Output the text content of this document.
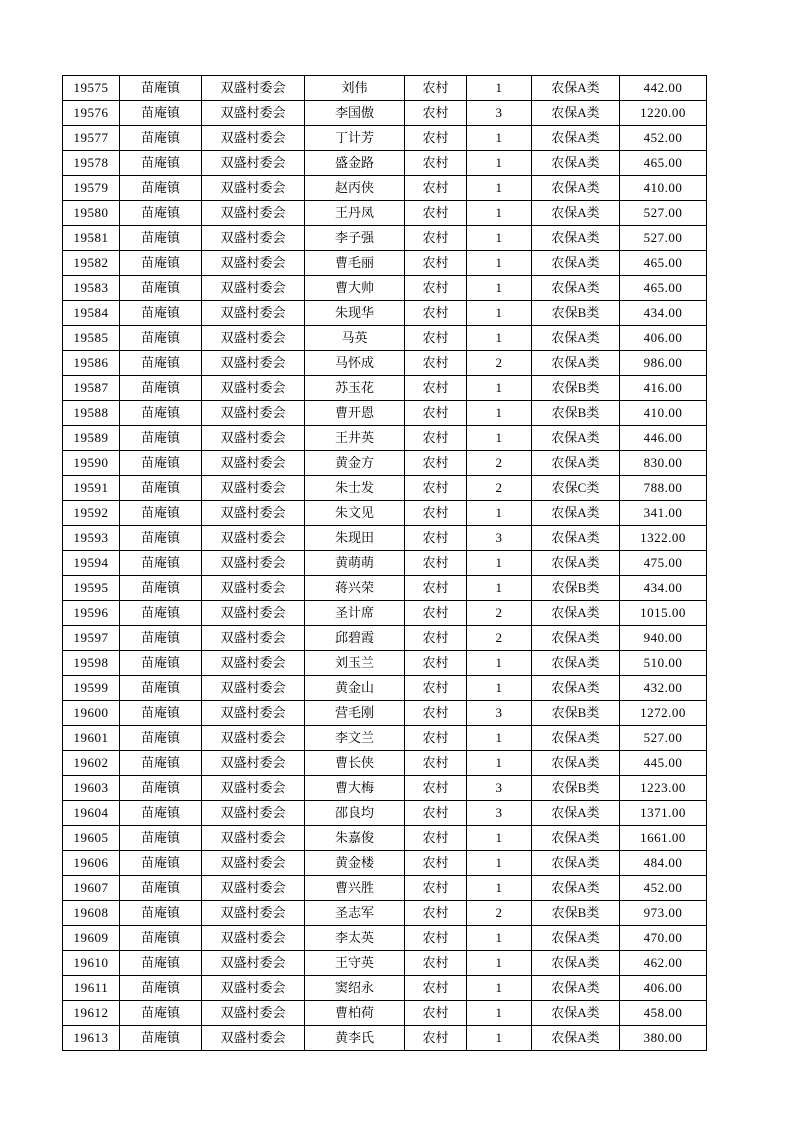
19575	苗庵镇	双盛村委会	刘伟	农村	1	农保A类	442.00
19576	苗庵镇	双盛村委会	李国傲	农村	3	农保A类	1220.00
19577	苗庵镇	双盛村委会	丁计芳	农村	1	农保A类	452.00
19578	苗庵镇	双盛村委会	盛金路	农村	1	农保A类	465.00
19579	苗庵镇	双盛村委会	赵丙侠	农村	1	农保A类	410.00
19580	苗庵镇	双盛村委会	王丹凤	农村	1	农保A类	527.00
19581	苗庵镇	双盛村委会	李子强	农村	1	农保A类	527.00
19582	苗庵镇	双盛村委会	曹毛丽	农村	1	农保A类	465.00
19583	苗庵镇	双盛村委会	曹大帅	农村	1	农保A类	465.00
19584	苗庵镇	双盛村委会	朱现华	农村	1	农保B类	434.00
19585	苗庵镇	双盛村委会	马英	农村	1	农保A类	406.00
19586	苗庵镇	双盛村委会	马怀成	农村	2	农保A类	986.00
19587	苗庵镇	双盛村委会	苏玉花	农村	1	农保B类	416.00
19588	苗庵镇	双盛村委会	曹开恩	农村	1	农保B类	410.00
19589	苗庵镇	双盛村委会	王井英	农村	1	农保A类	446.00
19590	苗庵镇	双盛村委会	黄金方	农村	2	农保A类	830.00
19591	苗庵镇	双盛村委会	朱士发	农村	2	农保C类	788.00
19592	苗庵镇	双盛村委会	朱文见	农村	1	农保A类	341.00
19593	苗庵镇	双盛村委会	朱现田	农村	3	农保A类	1322.00
19594	苗庵镇	双盛村委会	黄萌萌	农村	1	农保A类	475.00
19595	苗庵镇	双盛村委会	蒋兴荣	农村	1	农保B类	434.00
19596	苗庵镇	双盛村委会	圣计席	农村	2	农保A类	1015.00
19597	苗庵镇	双盛村委会	邱碧霞	农村	2	农保A类	940.00
19598	苗庵镇	双盛村委会	刘玉兰	农村	1	农保A类	510.00
19599	苗庵镇	双盛村委会	黄金山	农村	1	农保A类	432.00
19600	苗庵镇	双盛村委会	营毛刚	农村	3	农保B类	1272.00
19601	苗庵镇	双盛村委会	李文兰	农村	1	农保A类	527.00
19602	苗庵镇	双盛村委会	曹长侠	农村	1	农保A类	445.00
19603	苗庵镇	双盛村委会	曹大梅	农村	3	农保B类	1223.00
19604	苗庵镇	双盛村委会	邵良均	农村	3	农保A类	1371.00
19605	苗庵镇	双盛村委会	朱嘉俊	农村	1	农保A类	1661.00
19606	苗庵镇	双盛村委会	黄金楼	农村	1	农保A类	484.00
19607	苗庵镇	双盛村委会	曹兴胜	农村	1	农保A类	452.00
19608	苗庵镇	双盛村委会	圣志军	农村	2	农保B类	973.00
19609	苗庵镇	双盛村委会	李太英	农村	1	农保A类	470.00
19610	苗庵镇	双盛村委会	王守英	农村	1	农保A类	462.00
19611	苗庵镇	双盛村委会	窦绍永	农村	1	农保A类	406.00
19612	苗庵镇	双盛村委会	曹柏荷	农村	1	农保A类	458.00
19613	苗庵镇	双盛村委会	黄李氏	农村	1	农保A类	380.00
